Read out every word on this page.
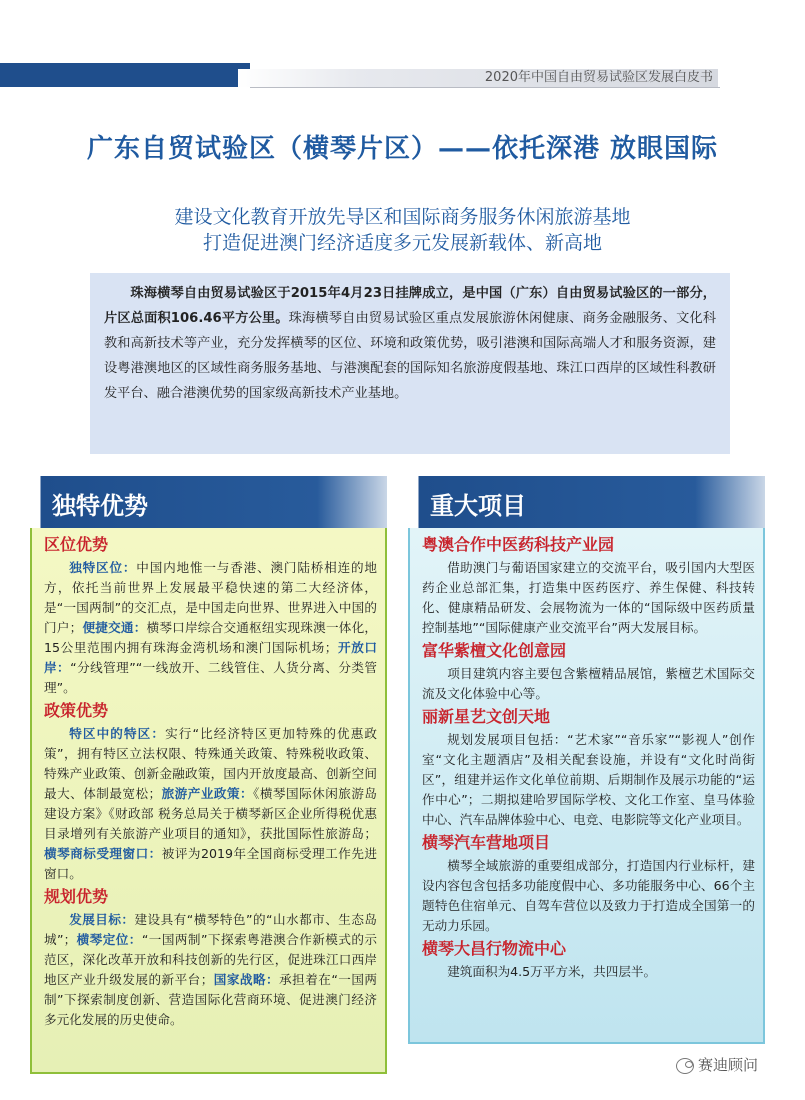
2020年中国自由贸易试验区发展白皮书
广东自贸试验区（横琴片区）——依托深港 放眼国际
建设文化教育开放先导区和国际商务服务休闲旅游基地
打造促进澳门经济适度多元发展新载体、新高地
珠海横琴自由贸易试验区于2015年4月23日挂牌成立，是中国（广东）自由贸易试验区的一部分，片区总面积106.46平方公里。珠海横琴自由贸易试验区重点发展旅游休闲健康、商务金融服务、文化科教和高新技术等产业，充分发挥横琴的区位、环境和政策优势，吸引港澳和国际高端人才和服务资源，建设粤港澳地区的区域性商务服务基地、与港澳配套的国际知名旅游度假基地、珠江口西岸的区域性科教研发平台、融合港澳优势的国家级高新技术产业基地。
独特优势
区位优势
独特区位：中国内地惟一与香港、澳门陆桥相连的地方，依托当前世界上发展最平稳快速的第二大经济体，是“一国两制”的交汇点，是中国走向世界、世界进入中国的门户；便捷交通：横琴口岸综合交通枢纽实现珠澳一体化，15公里范围内拥有珠海金湾机场和澳门国际机场；开放口岸：“分线管理”“一线放开、二线管住、人货分离、分类管理”。
政策优势
特区中的特区：实行“比经济特区更加特殊的优惠政策”，拥有特区立法权限、特殊通关政策、特殊税收政策、特殊产业政策、创新金融政策，国内开放度最高、创新空间最大、体制最宽松；旅游产业政策：《横琴国际休闲旅游岛建设方案》《财政部 税务总局关于横琴新区企业所得税优惠目录增列有关旅游产业项目的通知》，获批国际性旅游岛；横琴商标受理窗口：被评为2019年全国商标受理工作先进窗口。
规划优势
发展目标：建设具有“横琴特色”的“山水都市、生态岛城”；横琴定位：“一国两制”下探索粤港澳合作新模式的示范区，深化改革开放和科技创新的先行区，促进珠江口西岸地区产业升级发展的新平台；国家战略：承担着在“一国两制”下探索制度创新、营造国际化营商环境、促进澳门经济多元化发展的历史使命。
重大项目
粤澳合作中医药科技产业园
借助澳门与葡语国家建立的交流平台，吸引国内大型医药企业总部汇集，打造集中医药医疗、养生保健、科技转化、健康精品研发、会展物流为一体的“国际级中医药质量控制基地”“国际健康产业交流平台”两大发展目标。
富华紫檀文化创意园
项目建筑内容主要包含紫檀精品展馆，紫檀艺术国际交流及文化体验中心等。
丽新星艺文创天地
规划发展项目包括：“艺术家”“音乐家”“影视人”创作室“文化主题酒店”及相关配套设施，并设有“文化时尚街区”，组建并运作文化单位前期、后期制作及展示功能的“运作中心”；二期拟建哈罗国际学校、文化工作室、皇马体验中心、汽车品牌体验中心、电竞、电影院等文化产业项目。
横琴汽车营地项目
横琴全域旅游的重要组成部分，打造国内行业标杆，建设内容包含包括多功能度假中心、多功能服务中心、66个主题特色住宿单元、自驾车营位以及致力于打造成全国第一的无动力乐园。
横琴大昌行物流中心
建筑面积为4.5万平方米，共四层半。
赛迪顾问
